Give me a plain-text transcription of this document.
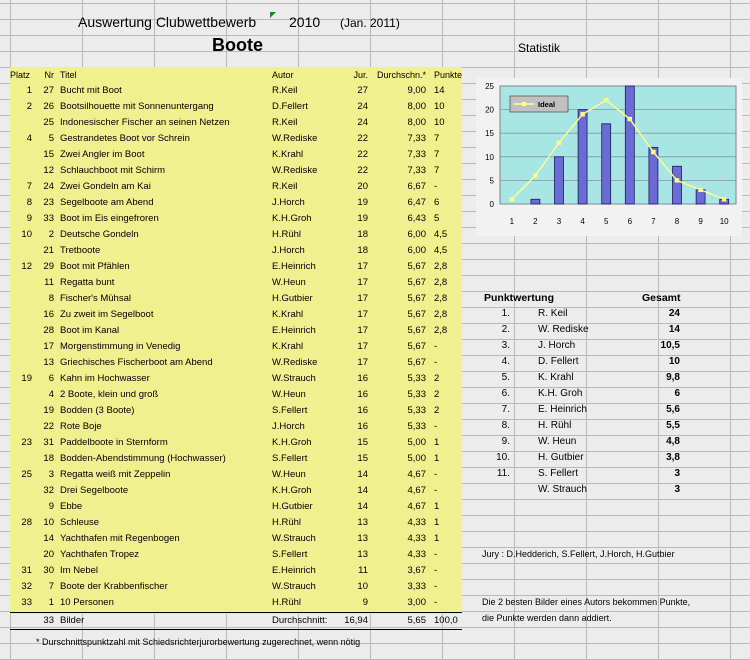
Auswertung Clubwettbewerb 2010 (Jan. 2011)
Boote	Statistik
Platz	Nr Titel	Autor	Jur. Durchschn.* Punkte
1	27 Bucht mit Boot	R.Keil	27	9,00 14
2	26 Bootsilhouette mit Sonnenuntergang	D.Fellert	24	8,00 10
25 Indonesischer Fischer an seinen Netzen	R.Keil	24	8,00 10
4	5 Gestrandetes Boot vor Schrein	W.Rediske	22	7,33 7
15 Zwei Angler im Boot	K.Krahl	22	7,33 7
12 Schlauchboot mit Schirm	W.Rediske	22	7,33 7
7	24 Zwei Gondeln am Kai	R.Keil	20	6,67 -
8	23 Segelboote am Abend	J.Horch	19	6,47 6
9	33 Boot im Eis eingefroren	K.H.Groh	19	6,43 5
10	2 Deutsche Gondeln	H.Rühl	18	6,00 4,5
21 Tretboote	J.Horch	18	6,00 4,5
12	29 Boot mit Pfählen	E.Heinrich	17	5,67 2,8
11 Regatta bunt	W.Heun	17	5,67 2,8
8 Fischer's Mühsal	H.Gutbier	17	5,67 2,8
16 Zu zweit im Segelboot	K.Krahl	17	5,67 2,8
28 Boot im Kanal	E.Heinrich	17	5,67 2,8
17 Morgenstimmung in Venedig	K.Krahl	17	5,67 -
13 Griechisches Fischerboot am Abend	W.Rediske	17	5,67 -
19	6 Kahn im Hochwasser	W.Strauch	16	5,33 2
4 2 Boote, klein und groß	W.Heun	16	5,33 2
19 Bodden (3 Boote)	S.Fellert	16	5,33 2
22 Rote Boje	J.Horch	16	5,33 -
23	31 Paddelboote in Sternform	K.H.Groh	15	5,00 1
18 Bodden-Abendstimmung (Hochwasser)	S.Fellert	15	5,00 1
25	3 Regatta weiß mit Zeppelin	W.Heun	14	4,67 -
32 Drei Segelboote	K.H.Groh	14	4,67 -
9 Ebbe	H.Gutbier	14	4,67 1
28	10 Schleuse	H.Rühl	13	4,33 1
14 Yachthafen mit Regenbogen	W.Strauch	13	4,33 1
20 Yachthafen Tropez	S.Fellert	13	4,33 -
31	30 Im Nebel	E.Heinrich	11	3,67 -
32	7 Boote der Krabbenfischer	W.Strauch	10	3,33 -
33	1 10 Personen	H.Rühl	9	3,00 -
33 Bilder	Durchschnitt:	16,94	5,65 100,0
* Durschnittspunktzahl mit Schiedsrichterjurorbewertung zugerechnet, wenn nötig
0
5
10
15
20
25
1 2 3 4 5 6 7 8 9 10
Ideal
Punktwertung	Gesamt
1.	R. Keil	24
2.	W. Rediske	14
3.	J. Horch	10,5
4.	D. Fellert	10
5.	K. Krahl	9,8
6.	K.H. Groh	6
7.	E. Heinrich	5,6
8.	H. Rühl	5,5
9.	W. Heun	4,8
10.	H. Gutbier	3,8
11.	S. Fellert	3
W. Strauch	3
Jury : D.Hedderich, S.Fellert, J.Horch, H.Gutbier
Die 2 besten Bilder eines Autors bekommen Punkte,
die Punkte werden dann addiert.
